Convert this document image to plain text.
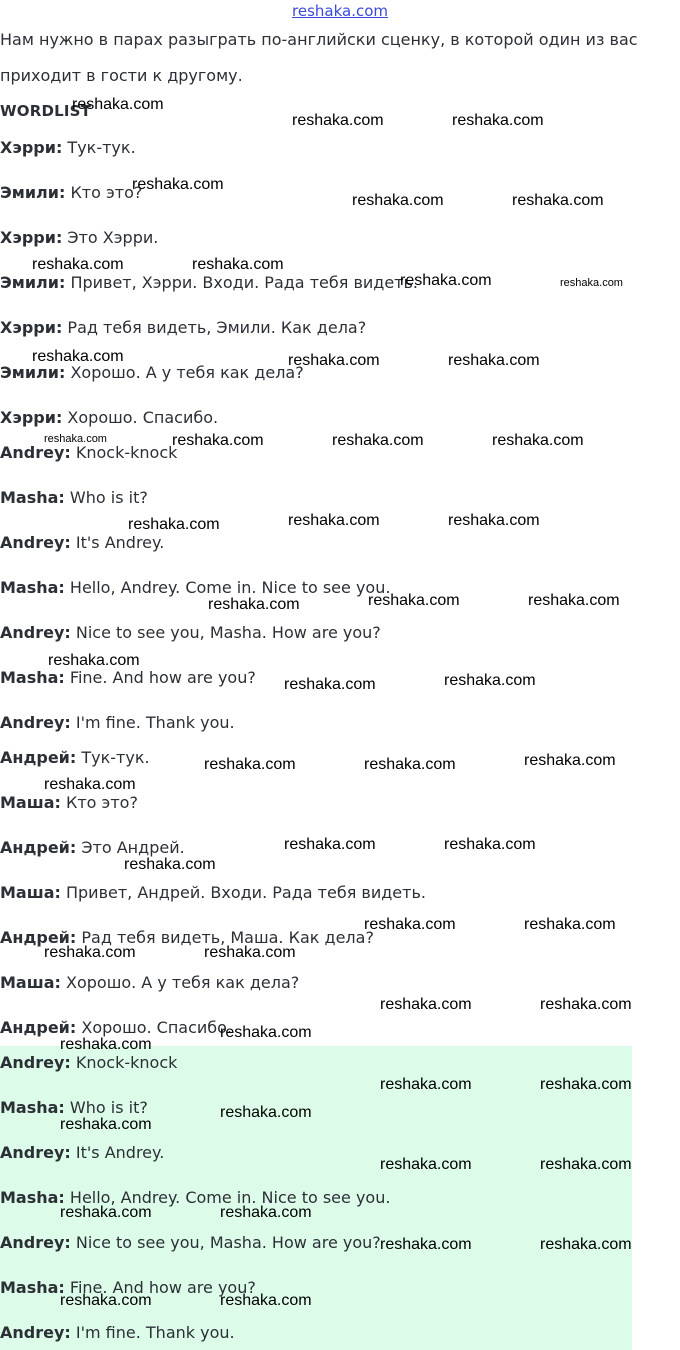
reshaka.com
Нам нужно в парах разыграть по-английски сценку, в которой один из вас
приходит в гости к другому.
WORDLIST
Хэрри: Тук-тук.
Эмили: Кто это?
Хэрри: Это Хэрри.
Эмили: Привет, Хэрри. Входи. Рада тебя видеть.
Хэрри: Рад тебя видеть, Эмили. Как дела?
Эмили: Хорошо. А у тебя как дела?
Хэрри: Хорошо. Спасибо.
Andrey: Knock-knock
Masha: Who is it?
Andrey: It's Andrey.
Masha: Hello, Andrey. Come in. Nice to see you.
Andrey: Nice to see you, Masha. How are you?
Masha: Fine. And how are you?
Andrey: I'm fine. Thank you.
Андрей: Тук-тук.
Маша: Кто это?
Андрей: Это Андрей.
Маша: Привет, Андрей. Входи. Рада тебя видеть.
Андрей: Рад тебя видеть, Маша. Как дела?
Маша: Хорошо. А у тебя как дела?
Андрей: Хорошо. Спасибо.
Andrey: Knock-knock
Masha: Who is it?
Andrey: It's Andrey.
Masha: Hello, Andrey. Come in. Nice to see you.
Andrey: Nice to see you, Masha. How are you?
Masha: Fine. And how are you?
Andrey: I'm fine. Thank you.
reshaka.com
reshaka.com	reshaka.com
reshaka.com
reshaka.com	reshaka.com
reshaka.com	reshaka.com
reshaka.com	reshaka.com
reshaka.com	reshaka.com	reshaka.com
reshaka.com	reshaka.com	reshaka.com	reshaka.com
reshaka.com	reshaka.com	reshaka.com
reshaka.com	reshaka.com	reshaka.com
reshaka.com
reshaka.com	reshaka.com
reshaka.com	reshaka.com	reshaka.com
reshaka.com
reshaka.com	reshaka.com
reshaka.com
reshaka.com	reshaka.com
reshaka.com	reshaka.com
reshaka.com	reshaka.com
reshaka.com
reshaka.com
reshaka.com	reshaka.com
reshaka.com
reshaka.com
reshaka.com	reshaka.com
reshaka.com	reshaka.com
reshaka.com	reshaka.com
reshaka.com	reshaka.com
